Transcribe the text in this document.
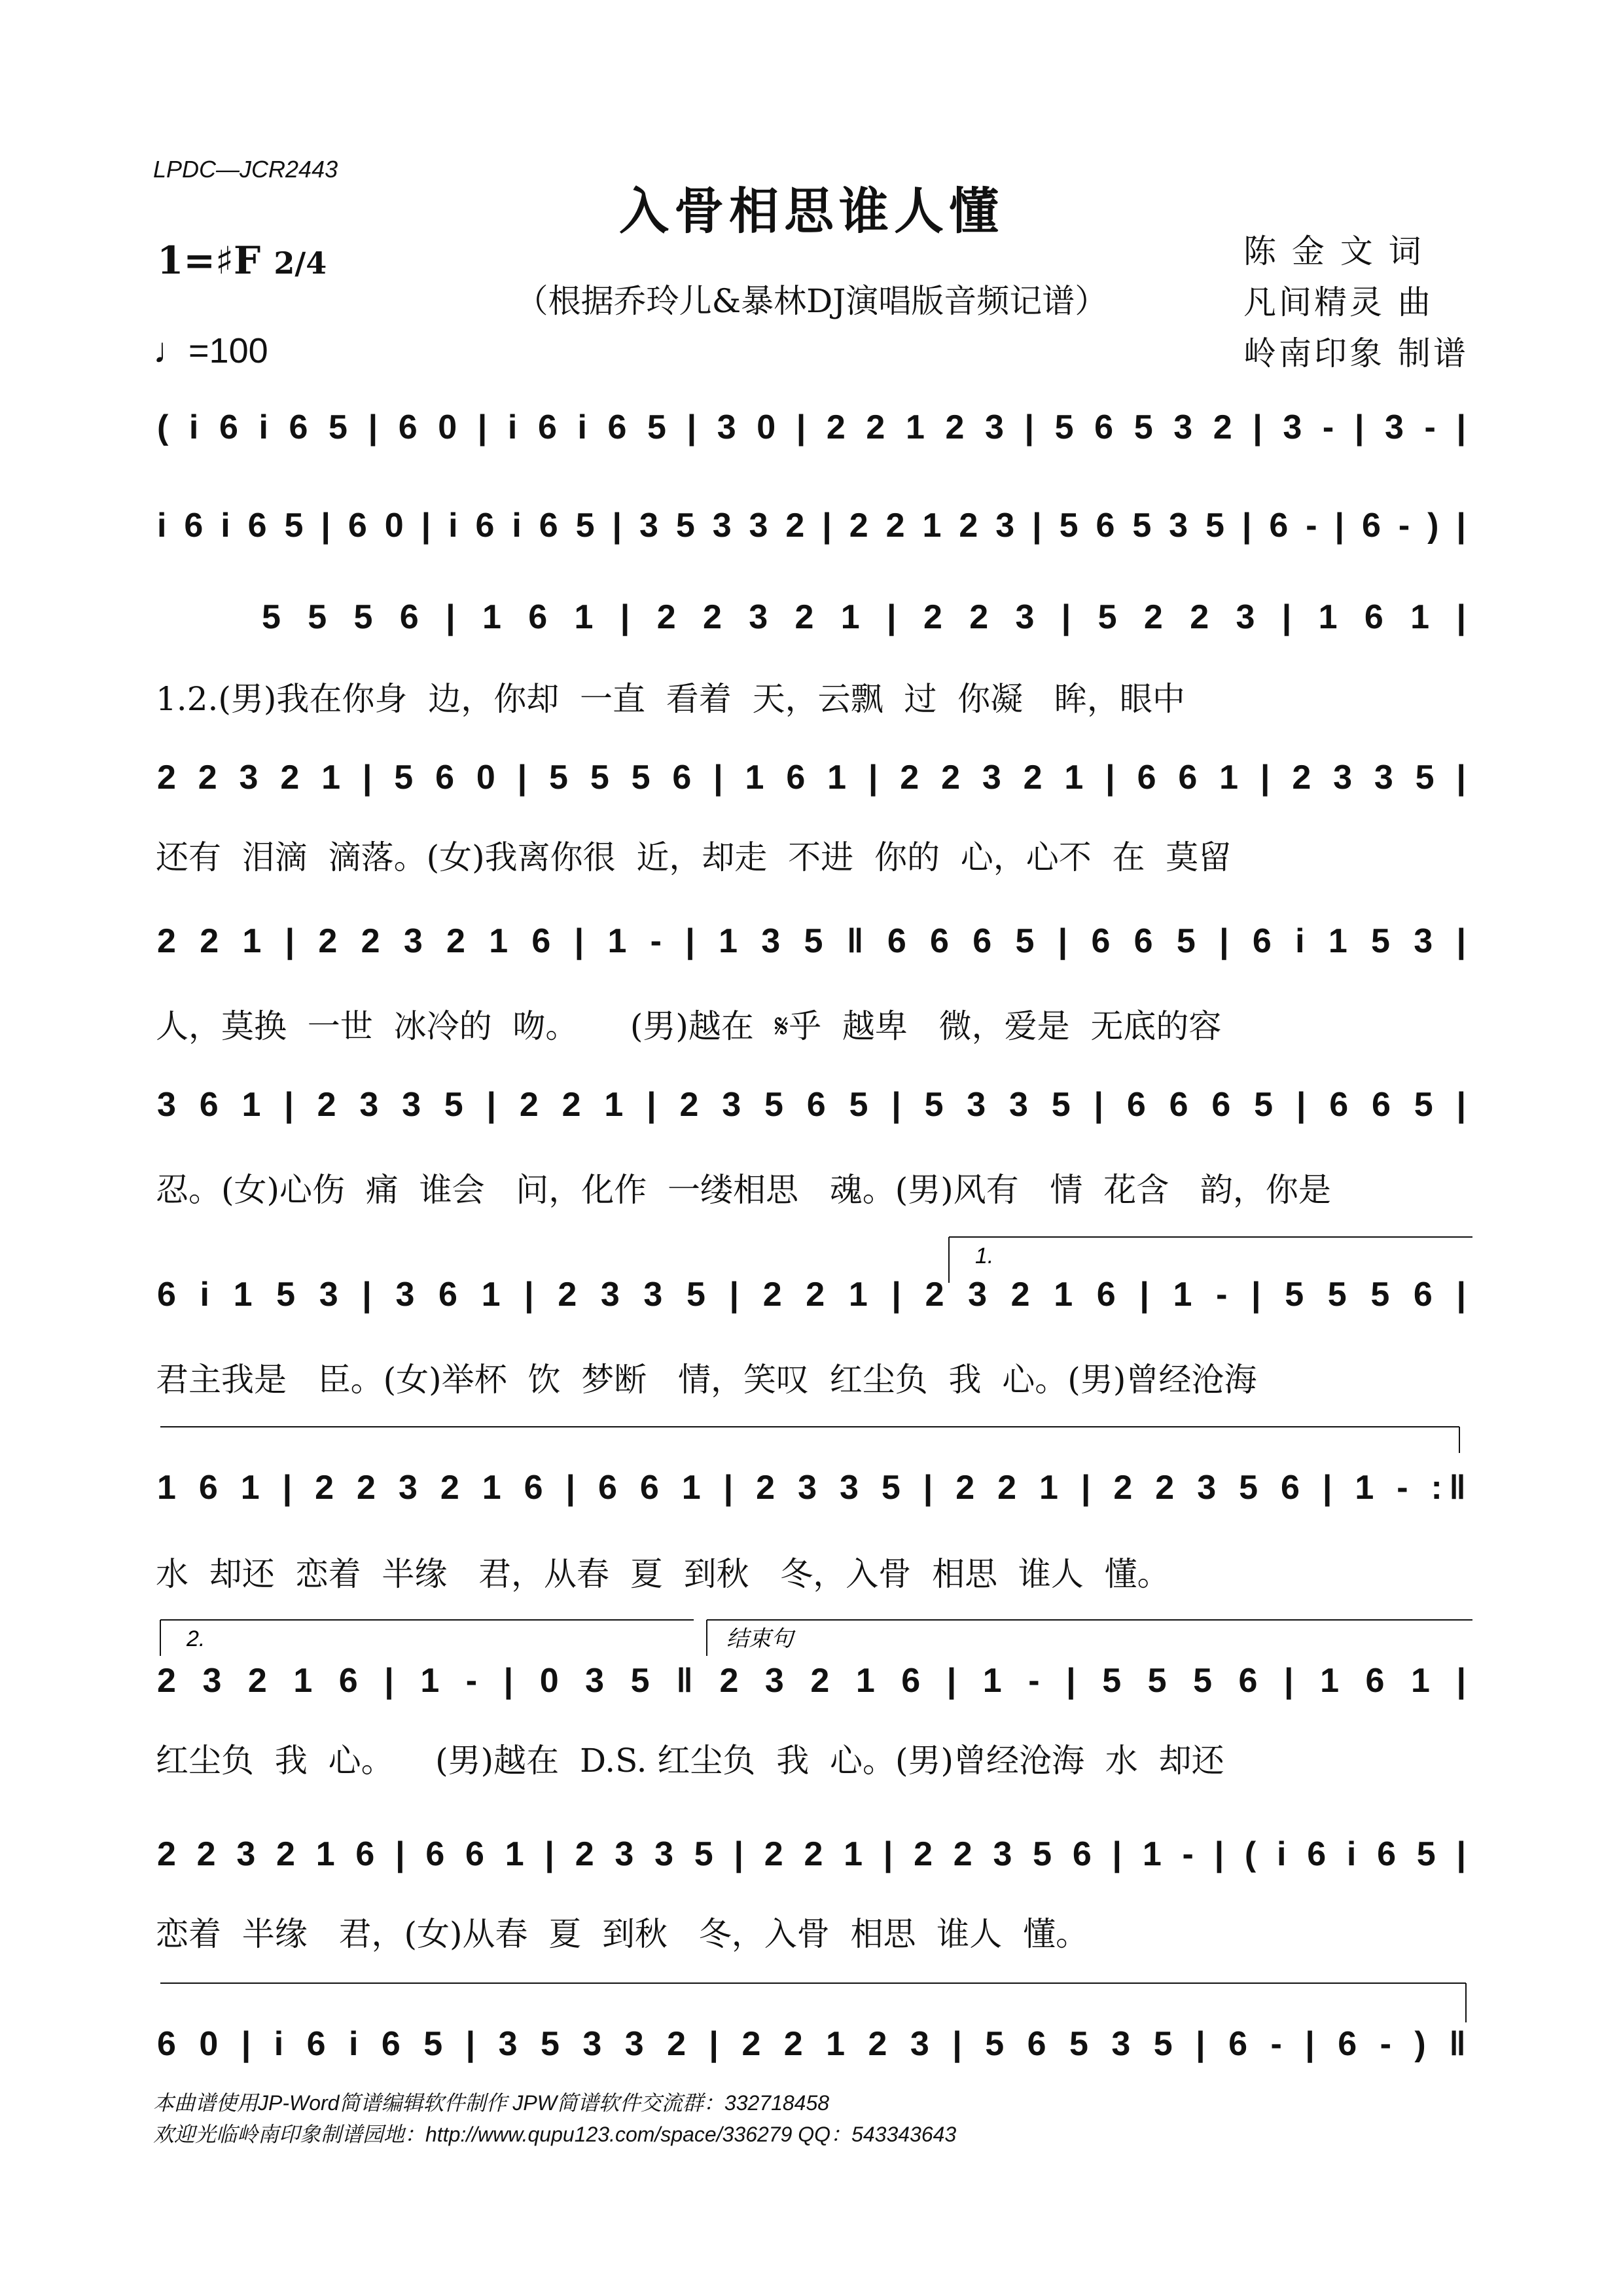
LPDC—JCR2443
入骨相思谁人懂
1=♯F 2/4
（根据乔玲儿&暴林DJ演唱版音频记谱）
♩=100
陈 金 文 词
凡间精灵 曲
岭南印象 制谱
1.
2.	结束句
( i 6 i 6 5 | 6 0 | i 6 i 6 5 | 3 0 | 2 2 1 2 3 | 5 6 5 3 2 | 3 - | 3 - |
i 6 i 6 5 | 6 0 | i 6 i 6 5 | 3 5 3 3 2 | 2 2 1 2 3 | 5 6 5 3 5 | 6 - | 6 - ) |
5 5 5 6 | 1 6 1 | 2 2 3 2 1 | 2 2 3 | 5 2 2 3 | 1 6 1 |
2 2 3 2 1 | 5 6 0 | 5 5 5 6 | 1 6 1 | 2 2 3 2 1 | 6 6 1 | 2 3 3 5 |
2 2 1 | 2 2 3 2 1 6 | 1 - | 1 3 5 ‖ 6 6 6 5 | 6 6 5 | 6 i 1 5 3 |
3 6 1 | 2 3 3 5 | 2 2 1 | 2 3 5 6 5 | 5 3 3 5 | 6 6 6 5 | 6 6 5 |
6 i 1 5 3 | 3 6 1 | 2 3 3 5 | 2 2 1 | 2 3 2 1 6 | 1 - | 5 5 5 6 |
1 6 1 | 2 2 3 2 1 6 | 6 6 1 | 2 3 3 5 | 2 2 1 | 2 2 3 5 6 | 1 - :‖
2 3 2 1 6 | 1 - | 0 3 5 ‖ 2 3 2 1 6 | 1 - | 5 5 5 6 | 1 6 1 |
2 2 3 2 1 6 | 6 6 1 | 2 3 3 5 | 2 2 1 | 2 2 3 5 6 | 1 - | ( i 6 i 6 5 |
6 0 | i 6 i 6 5 | 3 5 3 3 2 | 2 2 1 2 3 | 5 6 5 3 5 | 6 - | 6 - ) ‖
1.2.(男)我在你身  边，你却  一直  看着  天，云飘  过  你凝   眸，眼中
还有  泪滴  滴落。(女)我离你很  近，却走  不进  你的  心，心不  在  莫留
人，莫换  一世  冰冷的  吻。     (男)越在  𝄋乎  越卑   微，爱是  无底的容
忍。(女)心伤  痛  谁会   问，化作  一缕相思   魂。(男)风有   情  花含   韵，你是
君主我是   臣。(女)举杯  饮  梦断   情，笑叹  红尘负  我  心。(男)曾经沧海
水  却还  恋着  半缘   君，从春  夏  到秋   冬，入骨  相思  谁人  懂。
红尘负  我  心。    (男)越在  D.S. 红尘负  我  心。(男)曾经沧海  水  却还
恋着  半缘   君，(女)从春  夏  到秋   冬，入骨  相思  谁人  懂。
本曲谱使用JP-Word简谱编辑软件制作 JPW简谱软件交流群：332718458
欢迎光临岭南印象制谱园地：http://www.qupu123.com/space/336279 QQ：543343643
